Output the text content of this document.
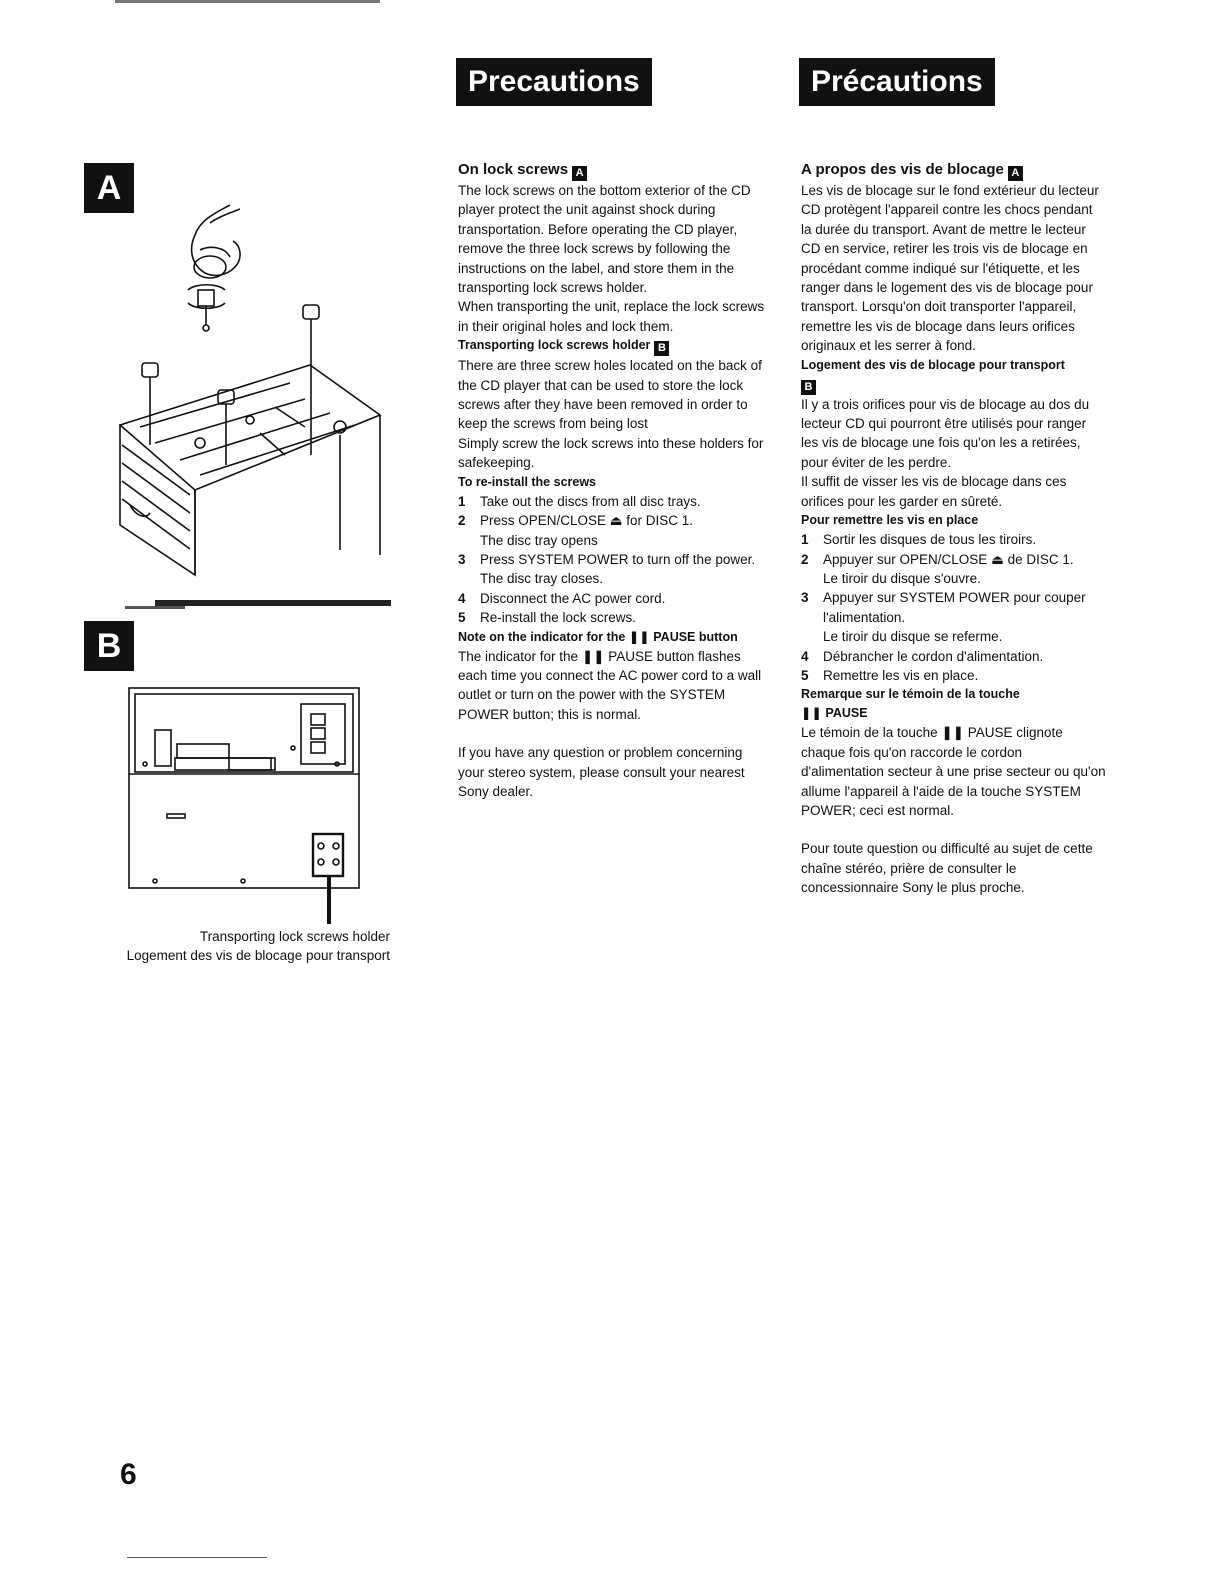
Precautions	Précautions
A
B
Transporting lock screws holder
Logement des vis de blocage pour transport

On lock screws A

The lock screws on the bottom exterior of the CD player protect the unit against shock during transportation. Before operating the CD player, remove the three lock screws by following the instructions on the label, and store them in the transporting lock screws holder.

When transporting the unit, replace the lock screws in their original holes and lock them.

Transporting lock screws holder B

There are three screw holes located on the back of the CD player that can be used to store the lock screws after they have been removed in order to keep the screws from being lost

Simply screw the lock screws into these holders for safekeeping.

To re-install the screws

1	Take out the discs from all disc trays.
2	Press OPEN/CLOSE ⏏ for DISC 1.
The disc tray opens
3	Press SYSTEM POWER to turn off the power.
The disc tray closes.
4	Disconnect the AC power cord.
5	Re-install the lock screws.

Note on the indicator for the ❚❚ PAUSE button

The indicator for the ❚❚ PAUSE button flashes each time you connect the AC power cord to a wall outlet or turn on the power with the SYSTEM POWER button; this is normal.

If you have any question or problem concerning your stereo system, please consult your nearest Sony dealer.

A propos des vis de blocage A

Les vis de blocage sur le fond extérieur du lecteur CD protègent l'appareil contre les chocs pendant la durée du transport. Avant de mettre le lecteur CD en service, retirer les trois vis de blocage en procédant comme indiqué sur l'étiquette, et les ranger dans le logement des vis de blocage pour transport. Lorsqu'on doit transporter l'appareil, remettre les vis de blocage dans leurs orifices originaux et les serrer à fond.

Logement des vis de blocage pour transport
B

Il y a trois orifices pour vis de blocage au dos du lecteur CD qui pourront être utilisés pour ranger les vis de blocage une fois qu'on les a retirées, pour éviter de les perdre.

Il suffit de visser les vis de blocage dans ces orifices pour les garder en sûreté.

Pour remettre les vis en place

1	Sortir les disques de tous les tiroirs.
2	Appuyer sur OPEN/CLOSE ⏏ de DISC 1.
Le tiroir du disque s'ouvre.
3	Appuyer sur SYSTEM POWER pour couper l'alimentation.
Le tiroir du disque se referme.
4	Débrancher le cordon d'alimentation.
5	Remettre les vis en place.

Remarque sur le témoin de la touche
❚❚ PAUSE

Le témoin de la touche ❚❚ PAUSE clignote chaque fois qu'on raccorde le cordon d'alimentation secteur à une prise secteur ou qu'on allume l'appareil à l'aide de la touche SYSTEM POWER; ceci est normal.

Pour toute question ou difficulté au sujet de cette chaîne stéréo, prière de consulter le concessionnaire Sony le plus proche.

6
